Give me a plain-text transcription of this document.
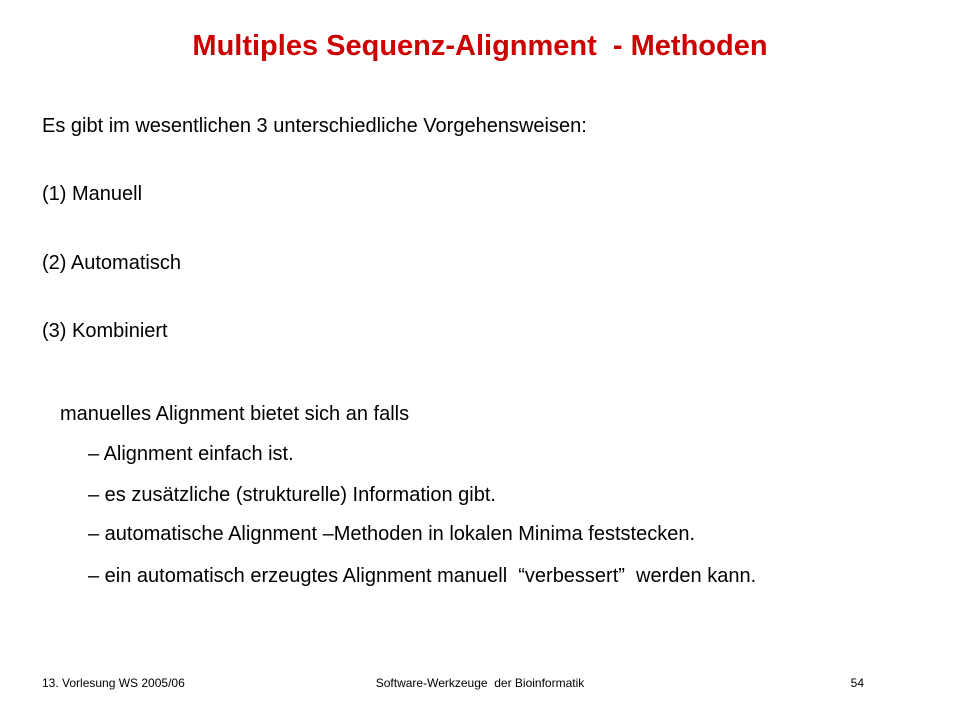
Multiples Sequenz-Alignment  - Methoden
Es gibt im wesentlichen 3 unterschiedliche Vorgehensweisen:
(1) Manuell
(2) Automatisch
(3) Kombiniert
manuelles Alignment bietet sich an falls
– Alignment einfach ist.
– es zusätzliche (strukturelle) Information gibt.
– automatische Alignment –Methoden in lokalen Minima feststecken.
– ein automatisch erzeugtes Alignment manuell  “verbessert”  werden kann.
13. Vorlesung WS 2005/06	Software-Werkzeuge  der Bioinformatik	54
